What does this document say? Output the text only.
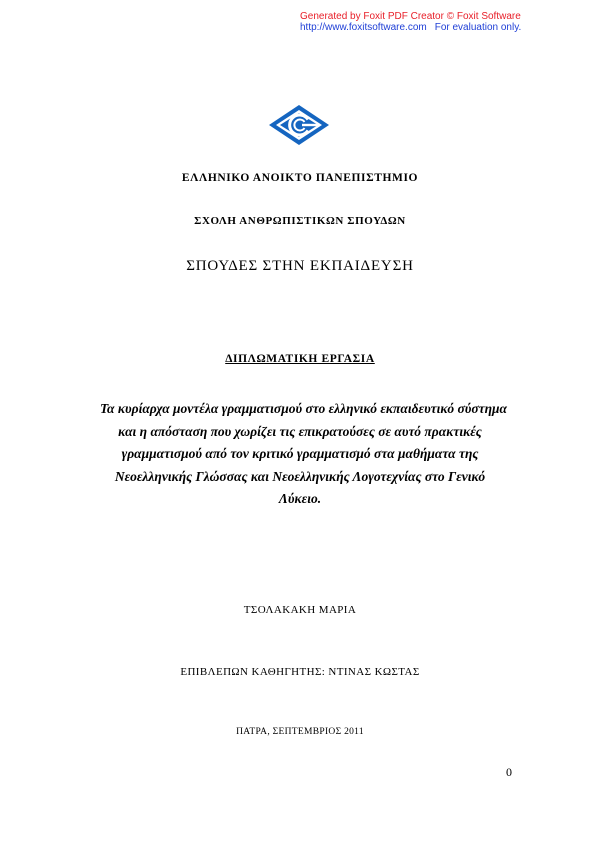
Generated by Foxit PDF Creator © Foxit Software
http://www.foxitsoftware.com For evaluation only.
ΕΛΛΗΝΙΚΟ ΑΝΟΙΚΤΟ ΠΑΝΕΠΙΣΤΗΜΙΟ
ΣΧΟΛΗ ΑΝΘΡΩΠΙΣΤΙΚΩΝ ΣΠΟΥΔΩΝ
ΣΠΟΥΔΕΣ ΣΤΗΝ ΕΚΠΑΙΔΕΥΣΗ
ΔΙΠΛΩΜΑΤΙΚΗ ΕΡΓΑΣΙΑ
Τα κυρίαρχα μοντέλα γραμματισμού στο ελληνικό εκπαιδευτικό σύστημα
και η απόσταση που χωρίζει τις επικρατούσες σε αυτό πρακτικές
γραμματισμού από τον κριτικό γραμματισμό στα μαθήματα της
Νεοελληνικής Γλώσσας και Νεοελληνικής Λογοτεχνίας στο Γενικό
Λύκειο.
ΤΣΟΛΑΚΑΚΗ ΜΑΡΙΑ
ΕΠΙΒΛΕΠΩΝ ΚΑΘΗΓΗΤΗΣ: ΝΤΙΝΑΣ ΚΩΣΤΑΣ
ΠΑΤΡΑ, ΣΕΠΤΕΜΒΡΙΟΣ 2011
0
